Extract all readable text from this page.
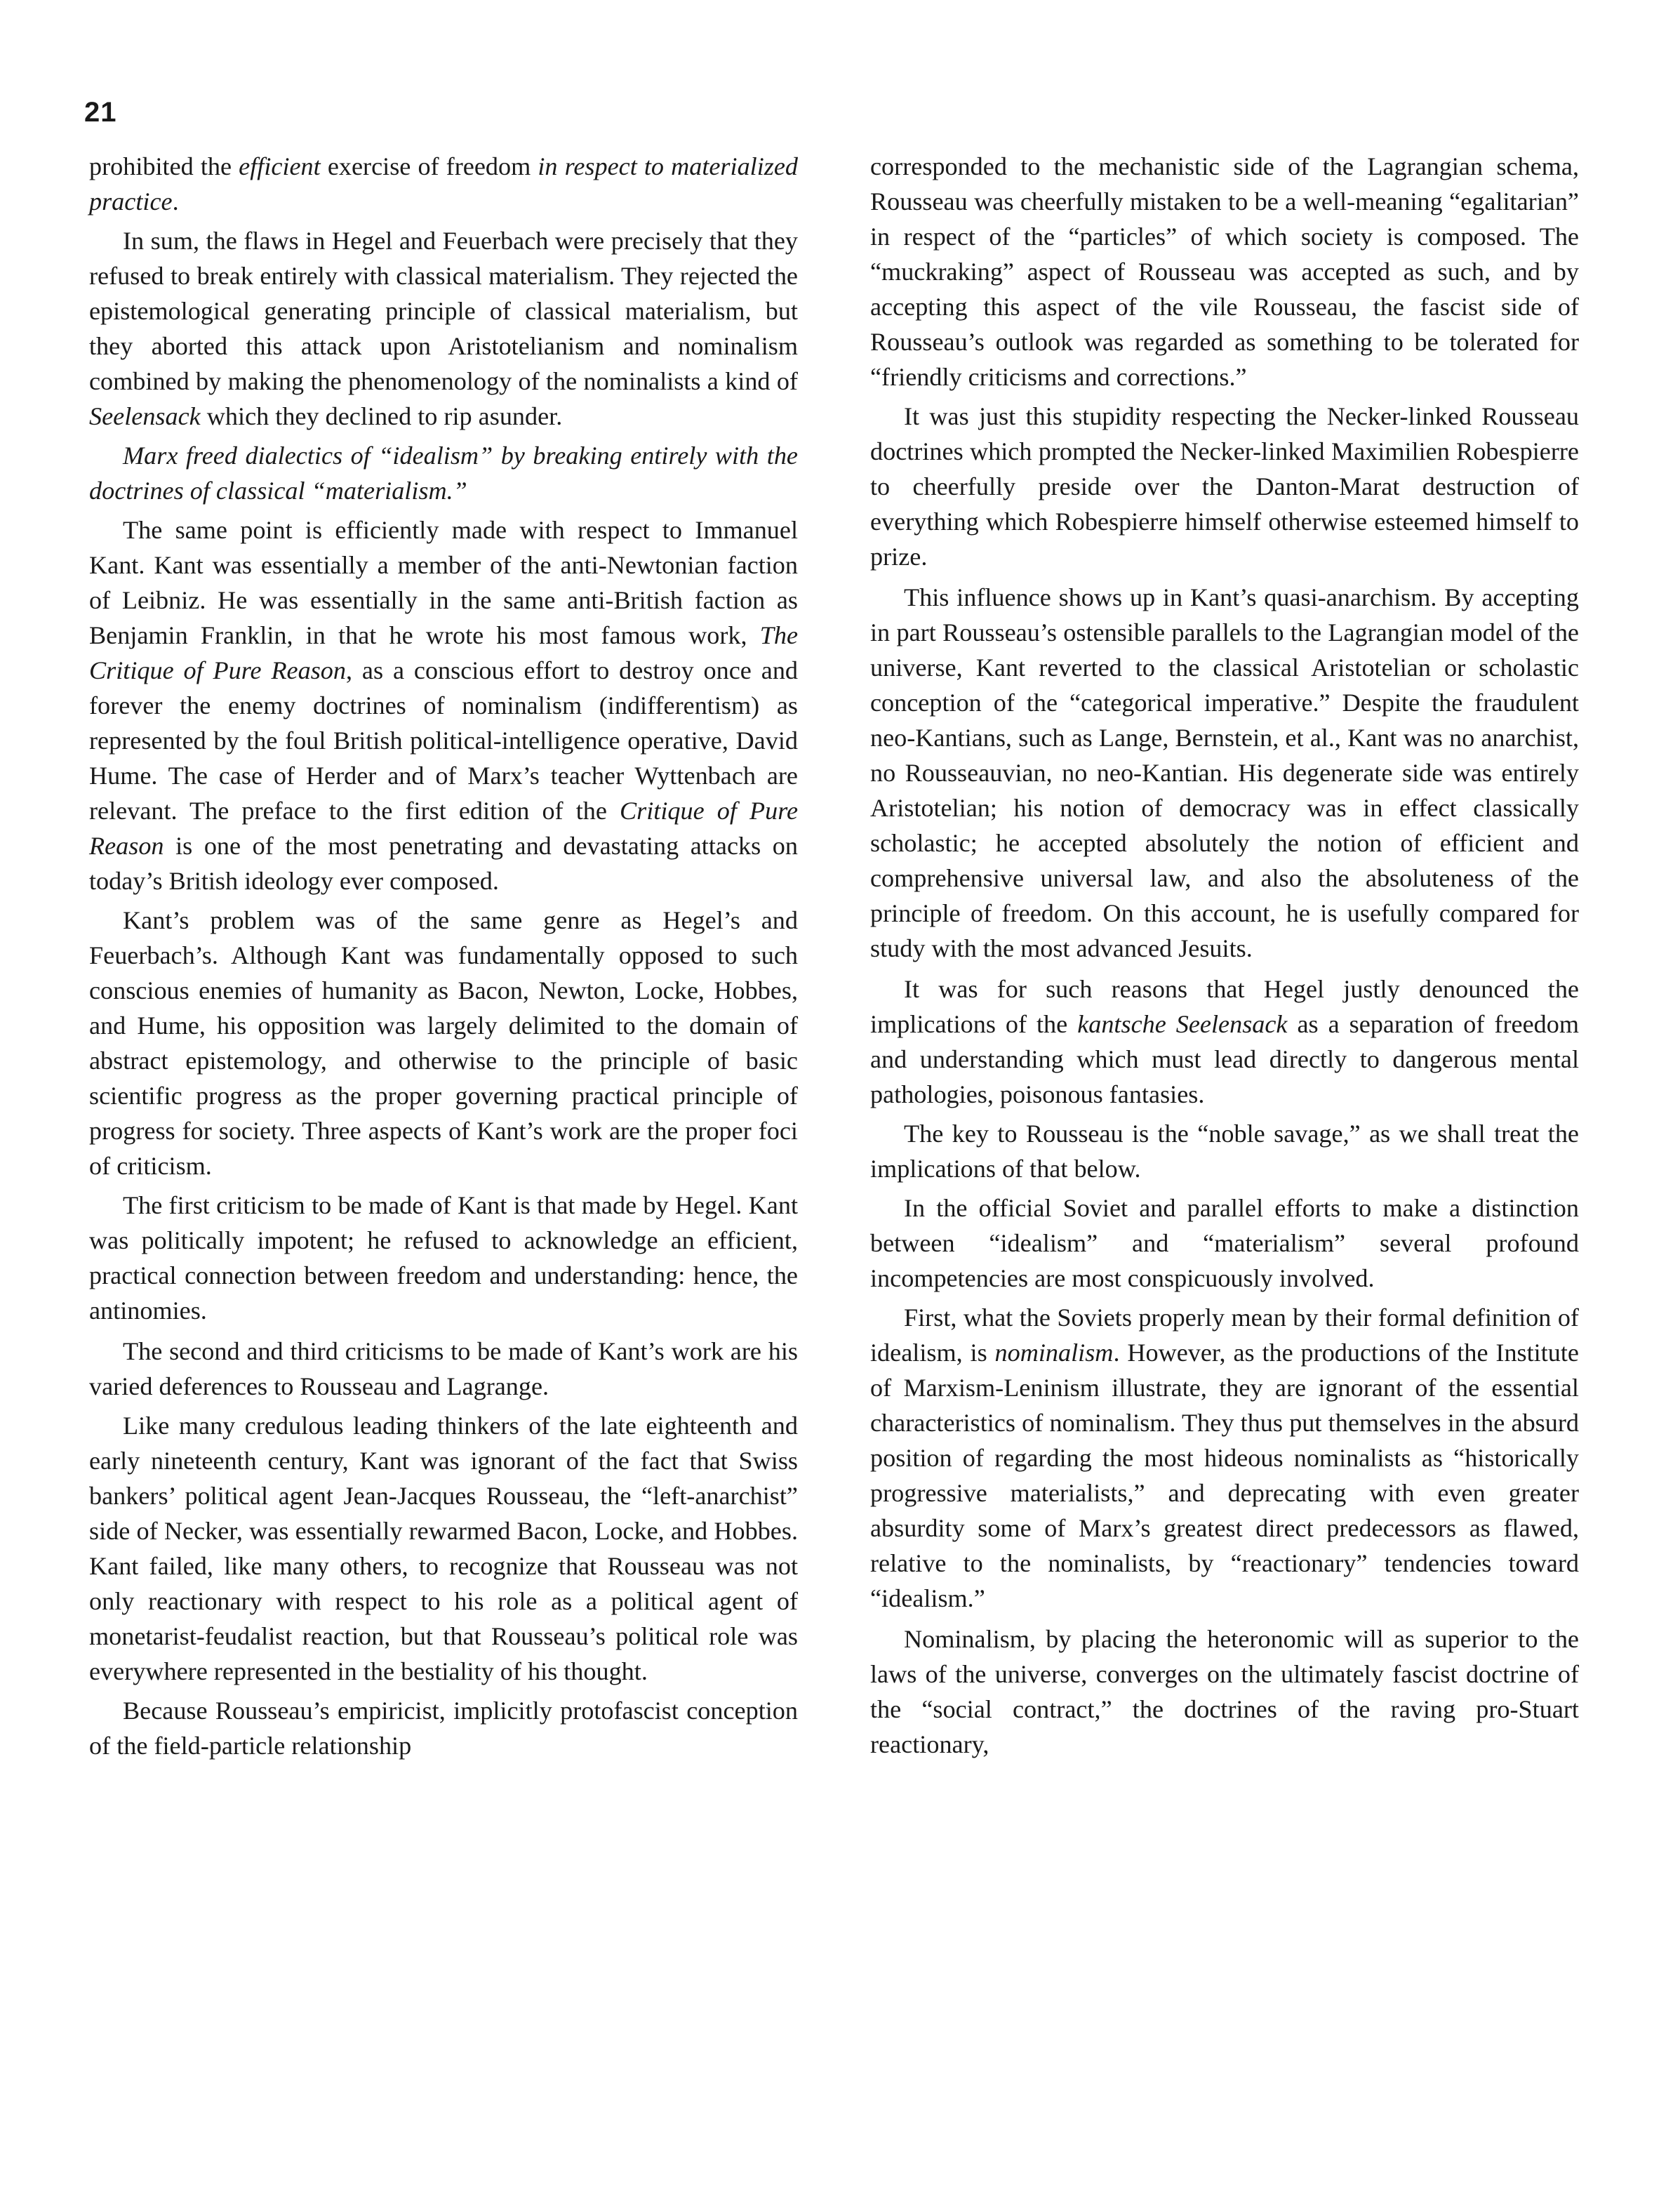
21

prohibited the efficient exercise of freedom in respect to materialized practice.

In sum, the flaws in Hegel and Feuerbach were precisely that they refused to break entirely with classical materialism. They rejected the epistemological generating principle of classical materialism, but they aborted this attack upon Aristotelianism and nominalism combined by making the phenomenology of the nominalists a kind of Seelensack which they declined to rip asunder.

Marx freed dialectics of “idealism” by breaking entirely with the doctrines of classical “materialism.”

The same point is efficiently made with respect to Immanuel Kant. Kant was essentially a member of the anti-Newtonian faction of Leibniz. He was essentially in the same anti-British faction as Benjamin Franklin, in that he wrote his most famous work, The Critique of Pure Reason, as a conscious effort to destroy once and forever the enemy doctrines of nominalism (indifferentism) as represented by the foul British political-intelligence operative, David Hume. The case of Herder and of Marx’s teacher Wyttenbach are relevant. The preface to the first edition of the Critique of Pure Reason is one of the most penetrating and devastating attacks on today’s British ideology ever composed.

Kant’s problem was of the same genre as Hegel’s and Feuerbach’s. Although Kant was fundamentally opposed to such conscious enemies of humanity as Bacon, Newton, Locke, Hobbes, and Hume, his opposition was largely delimited to the domain of abstract epistemology, and otherwise to the principle of basic scientific progress as the proper governing practical principle of progress for society. Three aspects of Kant’s work are the proper foci of criticism.

The first criticism to be made of Kant is that made by Hegel. Kant was politically impotent; he refused to acknowledge an efficient, practical connection between freedom and understanding: hence, the antinomies.

The second and third criticisms to be made of Kant’s work are his varied deferences to Rousseau and Lagrange.

Like many credulous leading thinkers of the late eighteenth and early nineteenth century, Kant was ignorant of the fact that Swiss bankers’ political agent Jean-Jacques Rousseau, the “left-anarchist” side of Necker, was essentially rewarmed Bacon, Locke, and Hobbes. Kant failed, like many others, to recognize that Rousseau was not only reactionary with respect to his role as a political agent of monetarist-feudalist reaction, but that Rousseau’s political role was everywhere represented in the bestiality of his thought.

Because Rousseau’s empiricist, implicitly protofascist conception of the field-particle relationship

corresponded to the mechanistic side of the Lagrangian schema, Rousseau was cheerfully mistaken to be a well-meaning “egalitarian” in respect of the “particles” of which society is composed. The “muckraking” aspect of Rousseau was accepted as such, and by accepting this aspect of the vile Rousseau, the fascist side of Rousseau’s outlook was regarded as something to be tolerated for “friendly criticisms and corrections.”

It was just this stupidity respecting the Necker-linked Rousseau doctrines which prompted the Necker-linked Maximilien Robespierre to cheerfully preside over the Danton-Marat destruction of everything which Robespierre himself otherwise esteemed himself to prize.

This influence shows up in Kant’s quasi-anarchism. By accepting in part Rousseau’s ostensible parallels to the Lagrangian model of the universe, Kant reverted to the classical Aristotelian or scholastic conception of the “categorical imperative.” Despite the fraudulent neo-Kantians, such as Lange, Bernstein, et al., Kant was no anarchist, no Rousseauvian, no neo-Kantian. His degenerate side was entirely Aristotelian; his notion of democracy was in effect classically scholastic; he accepted absolutely the notion of efficient and comprehensive universal law, and also the absoluteness of the principle of freedom. On this account, he is usefully compared for study with the most advanced Jesuits.

It was for such reasons that Hegel justly denounced the implications of the kantsche Seelensack as a separation of freedom and understanding which must lead directly to dangerous mental pathologies, poisonous fantasies.

The key to Rousseau is the “noble savage,” as we shall treat the implications of that below.

In the official Soviet and parallel efforts to make a distinction between “idealism” and “materialism” several profound incompetencies are most conspicuously involved.

First, what the Soviets properly mean by their formal definition of idealism, is nominalism. However, as the productions of the Institute of Marxism-Leninism illustrate, they are ignorant of the essential characteristics of nominalism. They thus put themselves in the absurd position of regarding the most hideous nominalists as “historically progressive materialists,” and deprecating with even greater absurdity some of Marx’s greatest direct predecessors as flawed, relative to the nominalists, by “reactionary” tendencies toward “idealism.”

Nominalism, by placing the heteronomic will as superior to the laws of the universe, converges on the ultimately fascist doctrine of the “social contract,” the doctrines of the raving pro-Stuart reactionary,
